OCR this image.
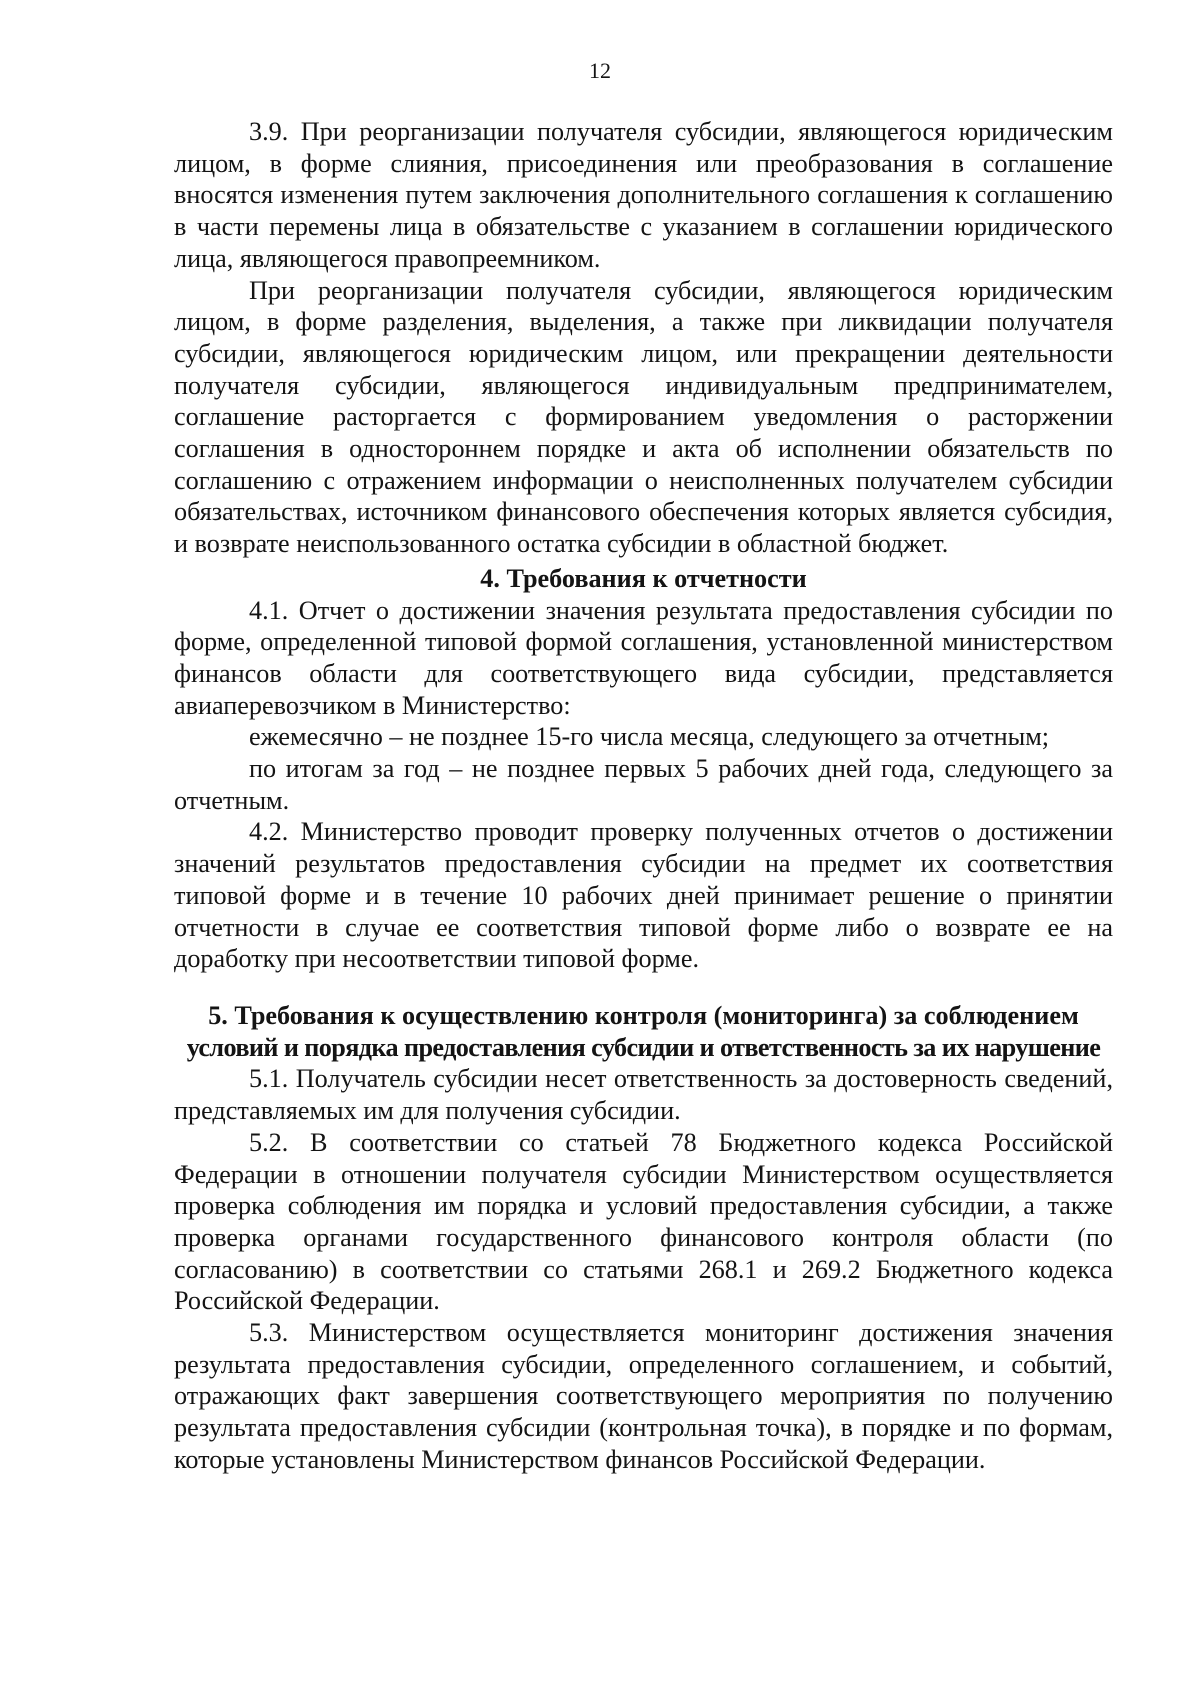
12

3.9. При реорганизации получателя субсидии, являющегося юридическим лицом, в форме слияния, присоединения или преобразования в соглашение вносятся изменения путем заключения дополнительного соглашения к соглашению в части перемены лица в обязательстве с указанием в соглашении юридического лица, являющегося правопреемником.

При реорганизации получателя субсидии, являющегося юридическим лицом, в форме разделения, выделения, а также при ликвидации получателя субсидии, являющегося юридическим лицом, или прекращении деятельности получателя субсидии, являющегося индивидуальным предпринимателем, соглашение расторгается с формированием уведомления о расторжении соглашения в одностороннем порядке и акта об исполнении обязательств по соглашению с отражением информации о неисполненных получателем субсидии обязательствах, источником финансового обеспечения которых является субсидия, и возврате неиспользованного остатка субсидии в областной бюджет.

4. Требования к отчетности

4.1. Отчет о достижении значения результата предоставления субсидии по форме, определенной типовой формой соглашения, установленной министерством финансов области для соответствующего вида субсидии, представляется авиаперевозчиком в Министерство:

ежемесячно – не позднее 15-го числа месяца, следующего за отчетным;

по итогам за год – не позднее первых 5 рабочих дней года, следующего за отчетным.

4.2. Министерство проводит проверку полученных отчетов о достижении значений результатов предоставления субсидии на предмет их соответствия типовой форме и в течение 10 рабочих дней принимает решение о принятии отчетности в случае ее соответствия типовой форме либо о возврате ее на доработку при несоответствии типовой форме.

5. Требования к осуществлению контроля (мониторинга) за соблюдением
условий и порядка предоставления субсидии и ответственность за их нарушение

5.1. Получатель субсидии несет ответственность за достоверность сведений, представляемых им для получения субсидии.

5.2. В соответствии со статьей 78 Бюджетного кодекса Российской Федерации в отношении получателя субсидии Министерством осуществляется проверка соблюдения им порядка и условий предоставления субсидии, а также проверка органами государственного финансового контроля области (по согласованию) в соответствии со статьями 268.1 и 269.2 Бюджетного кодекса Российской Федерации.

5.3. Министерством осуществляется мониторинг достижения значения результата предоставления субсидии, определенного соглашением, и событий, отражающих факт завершения соответствующего мероприятия по получению результата предоставления субсидии (контрольная точка), в порядке и по формам, которые установлены Министерством финансов Российской Федерации.
